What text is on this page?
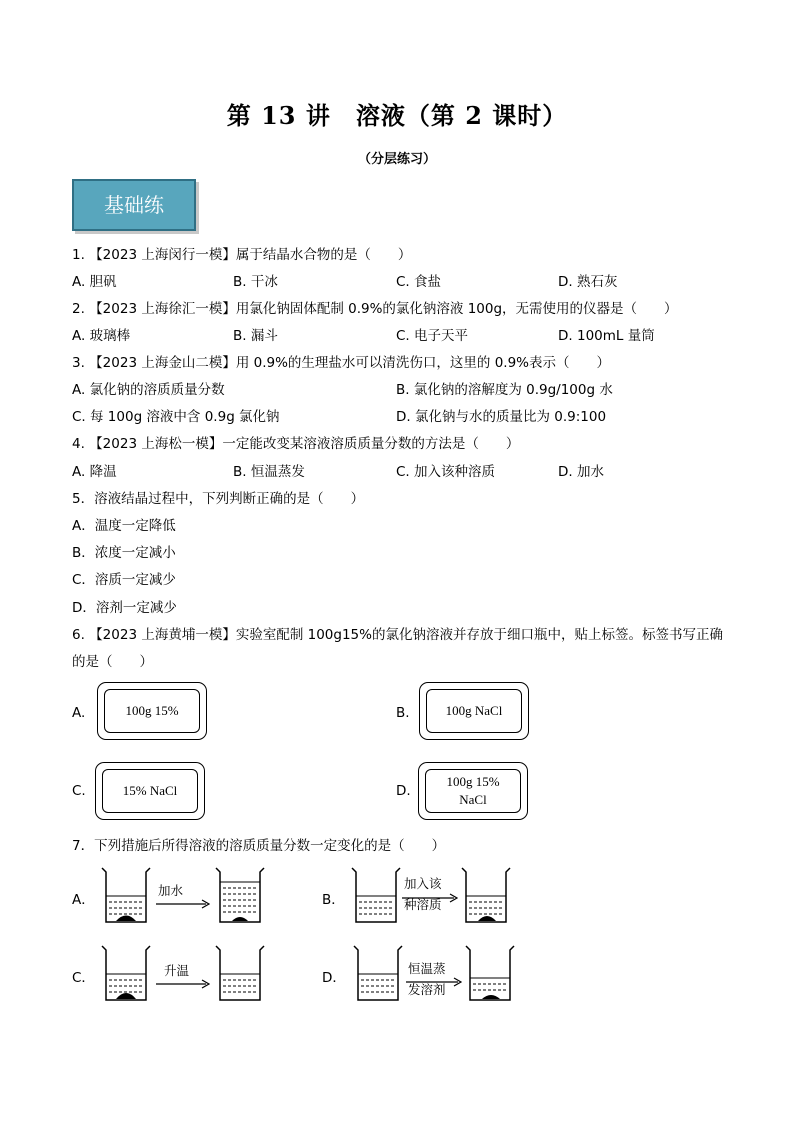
第 13 讲　溶液（第 2 课时）
（分层练习）
基础练
1. 【2023 上海闵行一模】属于结晶水合物的是（　　）
A. 胆矾	B. 干冰	C. 食盐	D. 熟石灰
2. 【2023 上海徐汇一模】用氯化钠固体配制 0.9%的氯化钠溶液 100g，无需使用的仪器是（　　）
A. 玻璃棒	B. 漏斗	C. 电子天平	D. 100mL 量筒
3. 【2023 上海金山二模】用 0.9%的生理盐水可以清洗伤口，这里的 0.9%表示（　　）
A. 氯化钠的溶质质量分数	B. 氯化钠的溶解度为 0.9g/100g 水
C. 每 100g 溶液中含 0.9g 氯化钠	D. 氯化钠与水的质量比为 0.9:100
4. 【2023 上海松一模】一定能改变某溶液溶质质量分数的方法是（　　）
A. 降温	B. 恒温蒸发	C. 加入该种溶质	D. 加水
5．溶液结晶过程中，下列判断正确的是（　　）
A．温度一定降低
B．浓度一定减小
C．溶质一定减少
D．溶剂一定减少
6. 【2023 上海黄埔一模】实验室配制 100g15%的氯化钠溶液并存放于细口瓶中，贴上标签。标签书写正确
的是（　　）
A.	100g 15%	B.	100g NaCl
C.	15% NaCl	D.
100g 15%
NaCl
7．下列措施后所得溶液的溶质质量分数一定变化的是（　　）
A．
加水
B．
加入该
种溶质
C．	升温	D．
恒温蒸
发溶剂
